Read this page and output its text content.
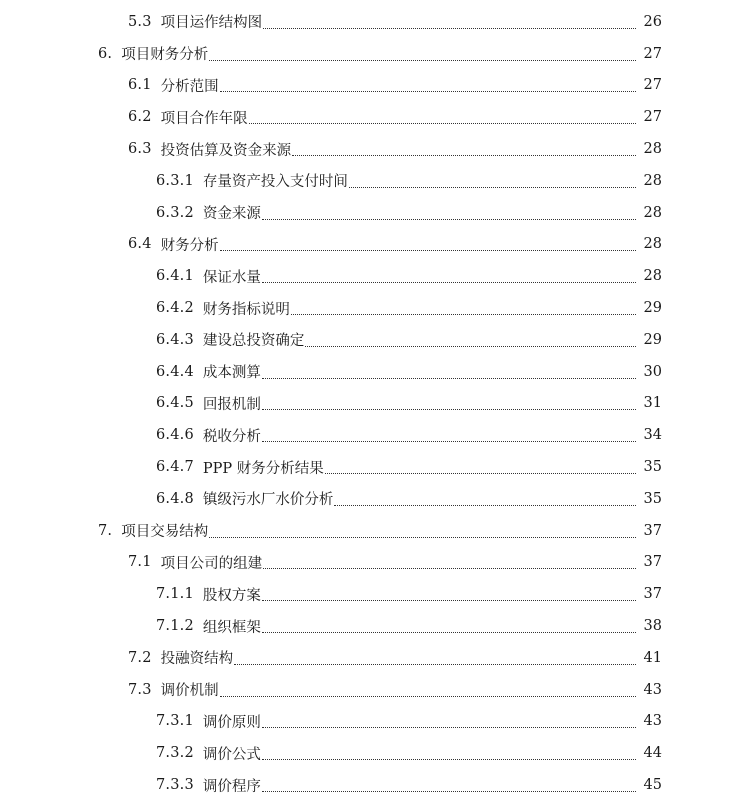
5.3 项目运作结构图	26
6. 项目财务分析	27
6.1 分析范围	27
6.2 项目合作年限	27
6.3 投资估算及资金来源	28
6.3.1 存量资产投入支付时间	28
6.3.2 资金来源	28
6.4 财务分析	28
6.4.1 保证水量	28
6.4.2 财务指标说明	29
6.4.3 建设总投资确定	29
6.4.4 成本测算	30
6.4.5 回报机制	31
6.4.6 税收分析	34
6.4.7 PPP 财务分析结果	35
6.4.8 镇级污水厂水价分析	35
7. 项目交易结构	37
7.1 项目公司的组建	37
7.1.1 股权方案	37
7.1.2 组织框架	38
7.2 投融资结构	41
7.3 调价机制	43
7.3.1 调价原则	43
7.3.2 调价公式	44
7.3.3 调价程序	45
